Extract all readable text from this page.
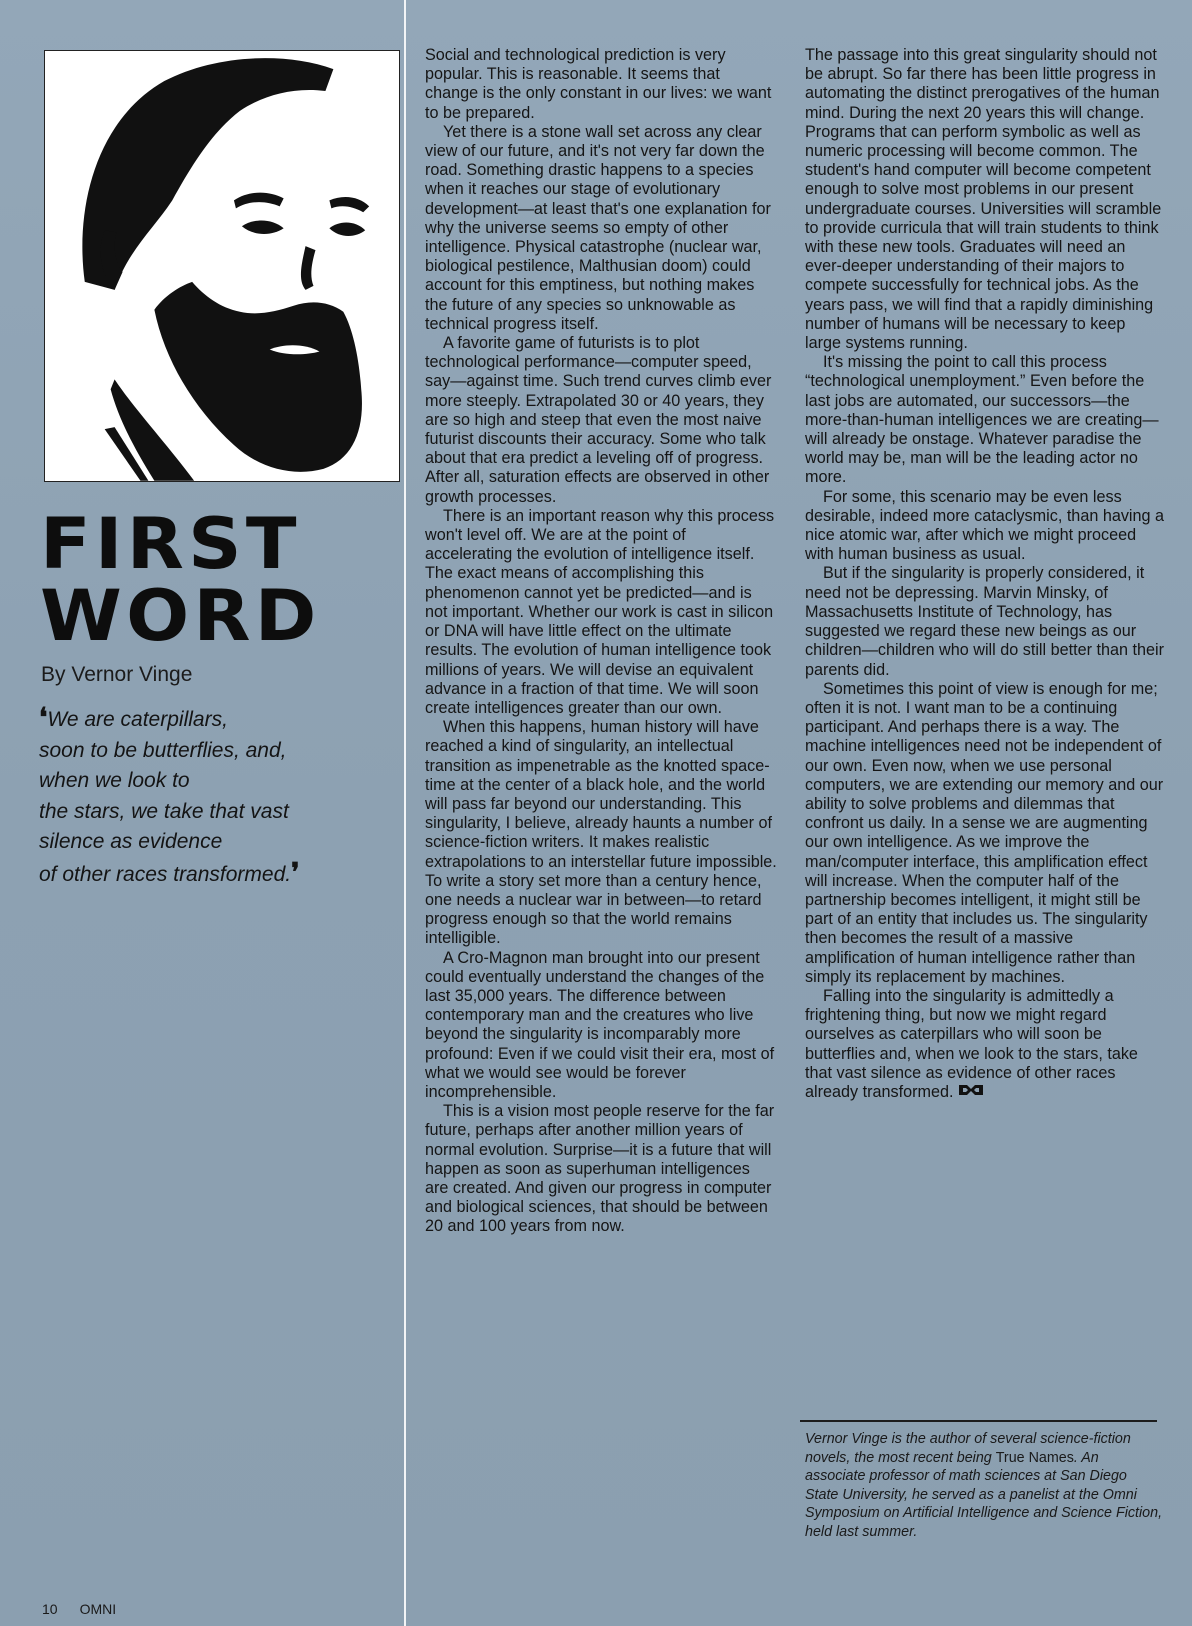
FIRST
WORD
By Vernor Vinge
❛We are caterpillars,
soon to be butterflies, and,
when we look to
the stars, we take that vast
silence as evidence
of other races transformed.❜

Social and technological prediction is very popular. This is reasonable. It seems that change is the only constant in our lives: we want to be prepared.

Yet there is a stone wall set across any clear view of our future, and it's not very far down the road. Something drastic happens to a species when it reaches our stage of evolutionary development—at least that's one explanation for why the universe seems so empty of other intelligence. Physical catastrophe (nuclear war, biological pestilence, Malthusian doom) could account for this emptiness, but nothing makes the future of any species so unknowable as technical progress itself.

A favorite game of futurists is to plot technological performance—computer speed, say—against time. Such trend curves climb ever more steeply. Extrapolated 30 or 40 years, they are so high and steep that even the most naive futurist discounts their accuracy. Some who talk about that era predict a leveling off of progress. After all, saturation effects are observed in other growth processes.

There is an important reason why this process won't level off. We are at the point of accelerating the evolution of intelligence itself. The exact means of accomplishing this phenomenon cannot yet be predicted—and is not important. Whether our work is cast in silicon or DNA will have little effect on the ultimate results. The evolution of human intelligence took millions of years. We will devise an equivalent advance in a fraction of that time. We will soon create intelligences greater than our own.

When this happens, human history will have reached a kind of singularity, an intellectual transition as impenetrable as the knotted space-time at the center of a black hole, and the world will pass far beyond our understanding. This singularity, I believe, already haunts a number of science-fiction writers. It makes realistic extrapolations to an interstellar future impossible. To write a story set more than a century hence, one needs a nuclear war in between—to retard progress enough so that the world remains intelligible.

A Cro-Magnon man brought into our present could eventually understand the changes of the last 35,000 years. The difference between contemporary man and the creatures who live beyond the singularity is incomparably more profound: Even if we could visit their era, most of what we would see would be forever incomprehensible.

This is a vision most people reserve for the far future, perhaps after another million years of normal evolution. Surprise—it is a future that will happen as soon as superhuman intelligences are created. And given our progress in computer and biological sciences, that should be between 20 and 100 years from now.

The passage into this great singularity should not be abrupt. So far there has been little progress in automating the distinct prerogatives of the human mind. During the next 20 years this will change. Programs that can perform symbolic as well as numeric processing will become common. The student's hand computer will become competent enough to solve most problems in our present undergraduate courses. Universities will scramble to provide curricula that will train students to think with these new tools. Graduates will need an ever-deeper understanding of their majors to compete successfully for technical jobs. As the years pass, we will find that a rapidly diminishing number of humans will be necessary to keep large systems running.

It's missing the point to call this process “technological unemployment.” Even before the last jobs are automated, our successors—the more-than-human intelligences we are creating—will already be onstage. Whatever paradise the world may be, man will be the leading actor no more.

For some, this scenario may be even less desirable, indeed more cataclysmic, than having a nice atomic war, after which we might proceed with human business as usual.

But if the singularity is properly considered, it need not be depressing. Marvin Minsky, of Massachusetts Institute of Technology, has suggested we regard these new beings as our children—children who will do still better than their parents did.

Sometimes this point of view is enough for me; often it is not. I want man to be a continuing participant. And perhaps there is a way. The machine intelligences need not be independent of our own. Even now, when we use personal computers, we are extending our memory and our ability to solve problems and dilemmas that confront us daily. In a sense we are augmenting our own intelligence. As we improve the man/computer interface, this amplification effect will increase. When the computer half of the partnership becomes intelligent, it might still be part of an entity that includes us. The singularity then becomes the result of a massive amplification of human intelligence rather than simply its replacement by machines.

Falling into the singularity is admittedly a frightening thing, but now we might regard ourselves as caterpillars who will soon be butterflies and, when we look to the stars, take that vast silence as evidence of other races already transformed.

Vernor Vinge is the author of several science-fiction novels, the most recent being True Names. An associate professor of math sciences at San Diego State University, he served as a panelist at the Omni Symposium on Artificial Intelligence and Science Fiction, held last summer.
10 OMNI
